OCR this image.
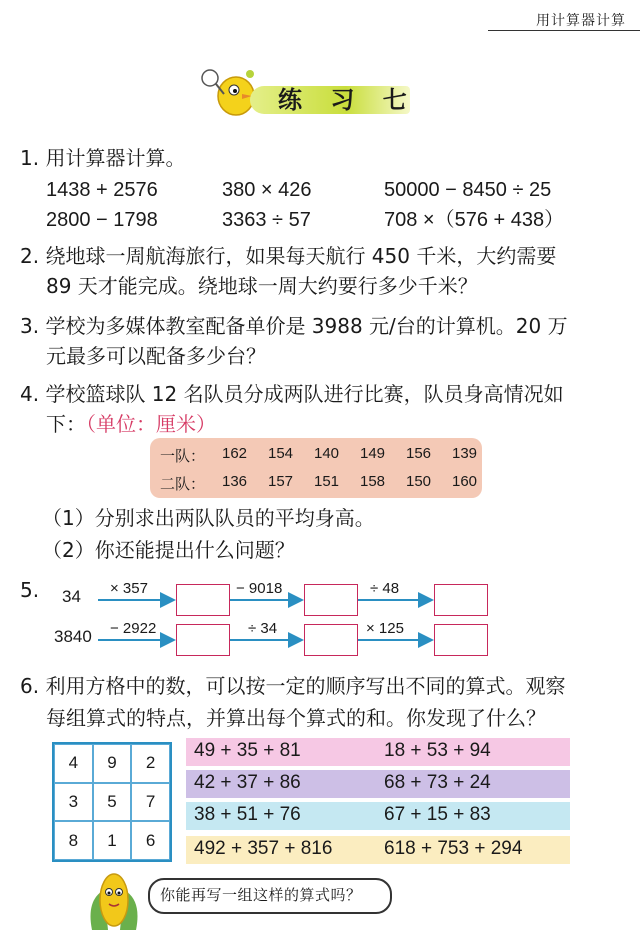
用计算器计算
练 习 七
1. 用计算器计算。
1438 + 2576	380 × 426	50000 − 8450 ÷ 25
2800 − 1798	3363 ÷ 57	708 ×（576 + 438）
2. 绕地球一周航海旅行，如果每天航行 450 千米，大约需要
89 天才能完成。绕地球一周大约要行多少千米？
3. 学校为多媒体教室配备单价是 3988 元/台的计算机。20 万
元最多可以配备多少台？
4. 学校篮球队 12 名队员分成两队进行比赛，队员身高情况如
下：（单位：厘米）
一队：	162	154	140	149	156	139
二队：	136	157	151	158	150	160
（1）分别求出两队队员的平均身高。
（2）你还能提出什么问题？
5. 34 × 357	− 9018	÷ 48
3840 − 2922	÷ 34	× 125
6. 利用方格中的数，可以按一定的顺序写出不同的算式。观察
每组算式的特点，并算出每个算式的和。你发现了什么？
4	9	2
3	5	7
8	1	6
49 + 35 + 81	18 + 53 + 94
42 + 37 + 86	68 + 73 + 24
38 + 51 + 76	67 + 15 + 83
492 + 357 + 816	618 + 753 + 294
你能再写一组这样的算式吗？
